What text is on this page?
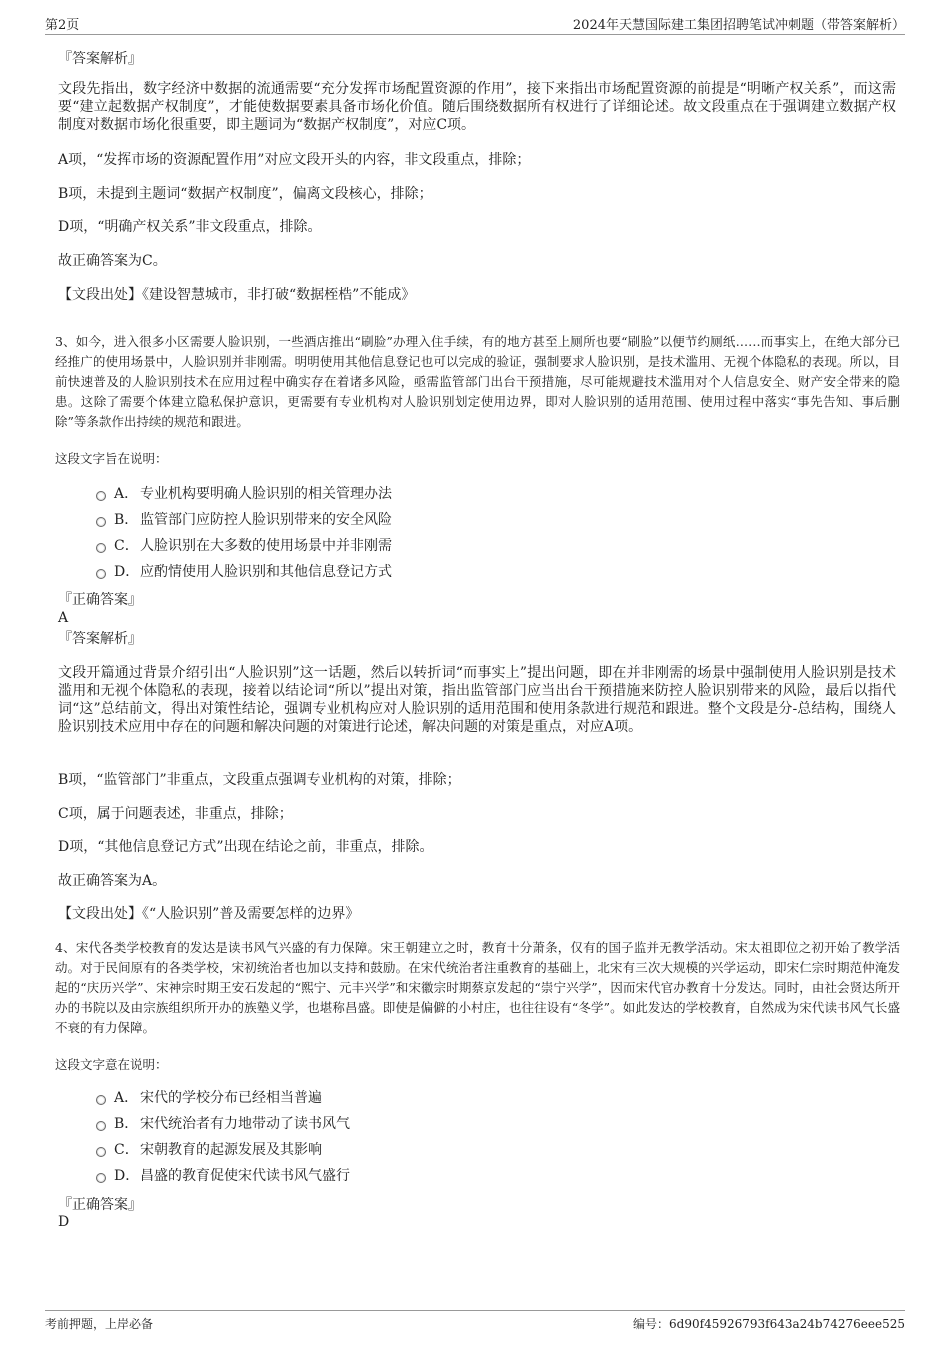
第2页	2024年天慧国际建工集团招聘笔试冲刺题（带答案解析）
『答案解析』
文段先指出，数字经济中数据的流通需要“充分发挥市场配置资源的作用”，接下来指出市场配置资源的前提是“明晰产权关系”，而这需要“建立起数据产权制度”，才能使数据要素具备市场化价值。随后围绕数据所有权进行了详细论述。故文段重点在于强调建立数据产权制度对数据市场化很重要，即主题词为“数据产权制度”，对应C项。
A项，“发挥市场的资源配置作用”对应文段开头的内容，非文段重点，排除；
B项，未提到主题词“数据产权制度”，偏离文段核心，排除；
D项，“明确产权关系”非文段重点，排除。
故正确答案为C。
【文段出处】《建设智慧城市，非打破“数据桎梏”不能成》
3、如今，进入很多小区需要人脸识别，一些酒店推出“刷脸”办理入住手续，有的地方甚至上厕所也要“刷脸”以便节约厕纸……而事实上，在绝大部分已经推广的使用场景中，人脸识别并非刚需。明明使用其他信息登记也可以完成的验证，强制要求人脸识别，是技术滥用、无视个体隐私的表现。所以，目前快速普及的人脸识别技术在应用过程中确实存在着诸多风险，亟需监管部门出台干预措施，尽可能规避技术滥用对个人信息安全、财产安全带来的隐患。这除了需要个体建立隐私保护意识，更需要有专业机构对人脸识别划定使用边界，即对人脸识别的适用范围、使用过程中落实“事先告知、事后删除”等条款作出持续的规范和跟进。
这段文字旨在说明：
A． 专业机构要明确人脸识别的相关管理办法
B． 监管部门应防控人脸识别带来的安全风险
C．人脸识别在大多数的使用场景中并非刚需
D．应酌情使用人脸识别和其他信息登记方式
『正确答案』
A
『答案解析』
文段开篇通过背景介绍引出“人脸识别”这一话题，然后以转折词“而事实上”提出问题，即在并非刚需的场景中强制使用人脸识别是技术滥用和无视个体隐私的表现，接着以结论词“所以”提出对策，指出监管部门应当出台干预措施来防控人脸识别带来的风险，最后以指代词“这”总结前文，得出对策性结论，强调专业机构应对人脸识别的适用范围和使用条款进行规范和跟进。整个文段是分-总结构，围绕人脸识别技术应用中存在的问题和解决问题的对策进行论述，解决问题的对策是重点，对应A项。
B项，“监管部门”非重点，文段重点强调专业机构的对策，排除；
C项，属于问题表述，非重点，排除；
D项，“其他信息登记方式”出现在结论之前，非重点，排除。
故正确答案为A。
【文段出处】《“人脸识别”普及需要怎样的边界》
4、宋代各类学校教育的发达是读书风气兴盛的有力保障。宋王朝建立之时，教育十分萧条，仅有的国子监并无教学活动。宋太祖即位之初开始了教学活动。对于民间原有的各类学校，宋初统治者也加以支持和鼓励。在宋代统治者注重教育的基础上，北宋有三次大规模的兴学运动，即宋仁宗时期范仲淹发起的“庆历兴学”、宋神宗时期王安石发起的“熙宁、元丰兴学”和宋徽宗时期蔡京发起的“崇宁兴学”，因而宋代官办教育十分发达。同时，由社会贤达所开办的书院以及由宗族组织所开办的族塾义学，也堪称昌盛。即使是偏僻的小村庄，也往往设有“冬学”。如此发达的学校教育，自然成为宋代读书风气长盛不衰的有力保障。
这段文字意在说明：
A． 宋代的学校分布已经相当普遍
B． 宋代统治者有力地带动了读书风气
C．宋朝教育的起源发展及其影响
D．昌盛的教育促使宋代读书风气盛行
『正确答案』
D
考前押题，上岸必备	编号：6d90f45926793f643a24b74276eee525
